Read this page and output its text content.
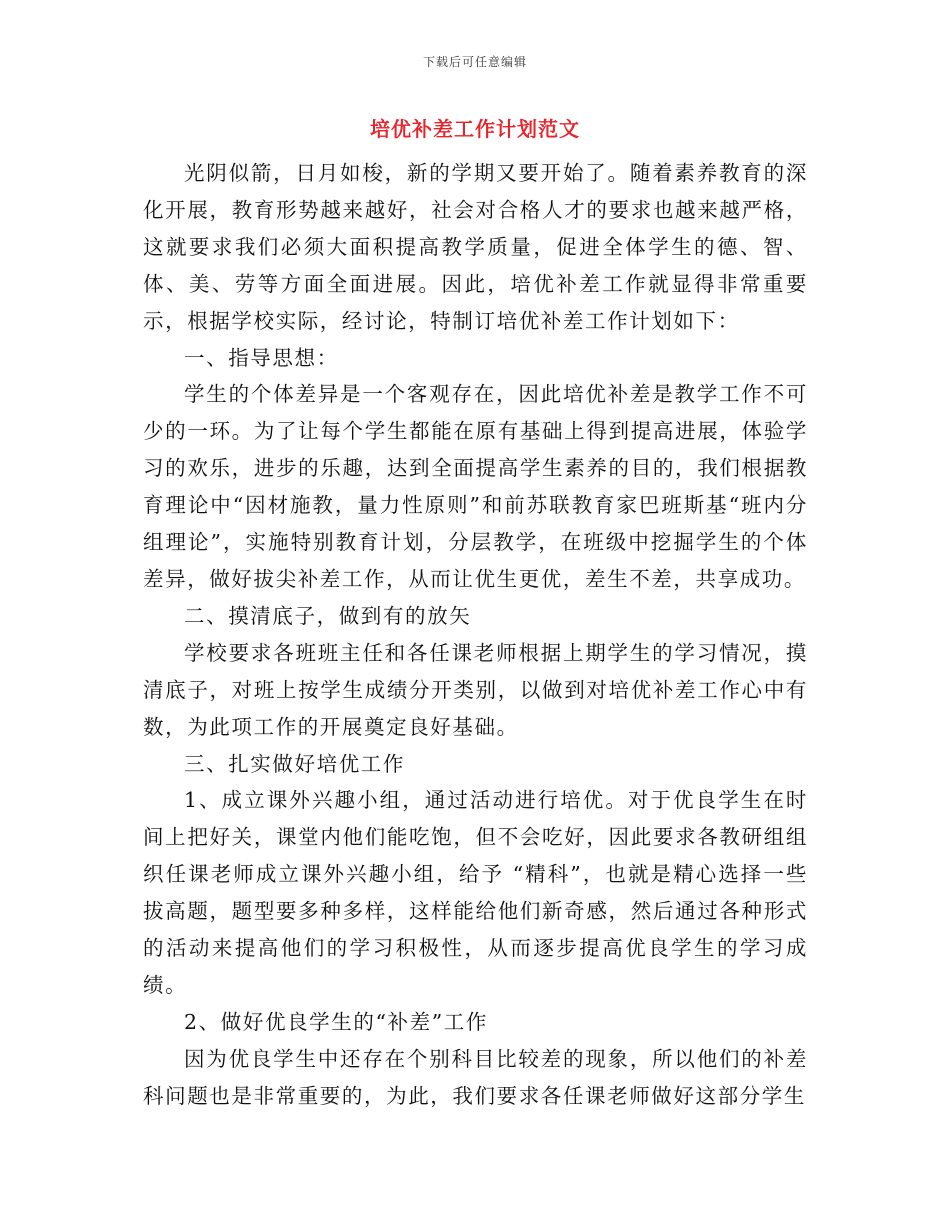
下载后可任意编辑
培优补差工作计划范文

光阴似箭，日月如梭，新的学期又要开始了。随着素养教育的深化开展，教育形势越来越好，社会对合格人才的要求也越来越严格，这就要求我们必须大面积提高教学质量，促进全体学生的德、智、体、美、劳等方面全面进展。因此，培优补差工作就显得非常重要示，根据学校实际，经讨论，特制订培优补差工作计划如下：

一、指导思想：

学生的个体差异是一个客观存在，因此培优补差是教学工作不可少的一环。为了让每个学生都能在原有基础上得到提高进展，体验学习的欢乐，进步的乐趣，达到全面提高学生素养的目的，我们根据教育理论中“因材施教，量力性原则”和前苏联教育家巴班斯基“班内分组理论”，实施特别教育计划，分层教学，在班级中挖掘学生的个体差异，做好拔尖补差工作，从而让优生更优，差生不差，共享成功。

二、摸清底子，做到有的放矢

学校要求各班班主任和各任课老师根据上期学生的学习情况，摸清底子，对班上按学生成绩分开类别，以做到对培优补差工作心中有数，为此项工作的开展奠定良好基础。

三、扎实做好培优工作

1、成立课外兴趣小组，通过活动进行培优。对于优良学生在时间上把好关，课堂内他们能吃饱，但不会吃好，因此要求各教研组组织任课老师成立课外兴趣小组，给予 “精科”，也就是精心选择一些拔高题，题型要多种多样，这样能给他们新奇感，然后通过各种形式的活动来提高他们的学习积极性，从而逐步提高优良学生的学习成绩。

2、做好优良学生的“补差”工作

因为优良学生中还存在个别科目比较差的现象，所以他们的补差科问题也是非常重要的，为此，我们要求各任课老师做好这部分学生
